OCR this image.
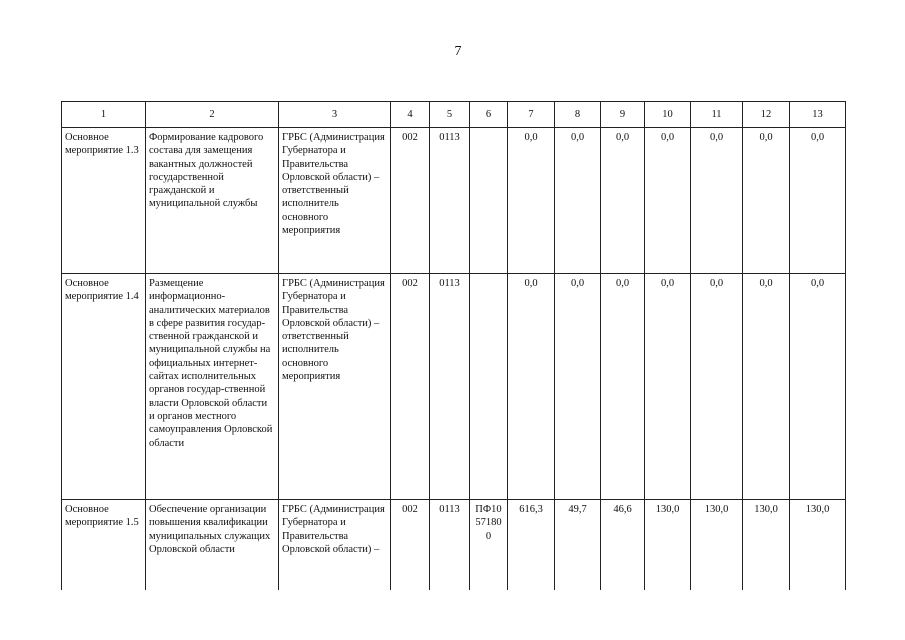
7
1	2	3	4	5	6	7	8	9	10	11	12	13
Основное мероприятие 1.3	Формирование кадрового состава для замещения вакантных должностей государственной гражданской и муниципальной службы	ГРБС (Администрация Губернатора и Правительства Орловской области) – ответственный исполнитель основного мероприятия	002	0113		0,0	0,0	0,0	0,0	0,0	0,0	0,0
Основное мероприятие 1.4	Размещение информационно-аналитических материалов в сфере развития государ-ственной гражданской и муниципальной службы на официальных интернет-сайтах исполнительных органов государ-ственной власти Орловской области и органов местного самоуправления Орловской области	ГРБС (Администрация Губернатора и Правительства Орловской области) – ответственный исполнитель основного мероприятия	002	0113		0,0	0,0	0,0	0,0	0,0	0,0	0,0
Основное мероприятие 1.5	Обеспечение организации повышения квалификации муниципальных служащих Орловской области	ГРБС (Администрация Губернатора и Правительства Орловской области) –	002	0113	ПФ10571800	616,3	49,7	46,6	130,0	130,0	130,0	130,0
